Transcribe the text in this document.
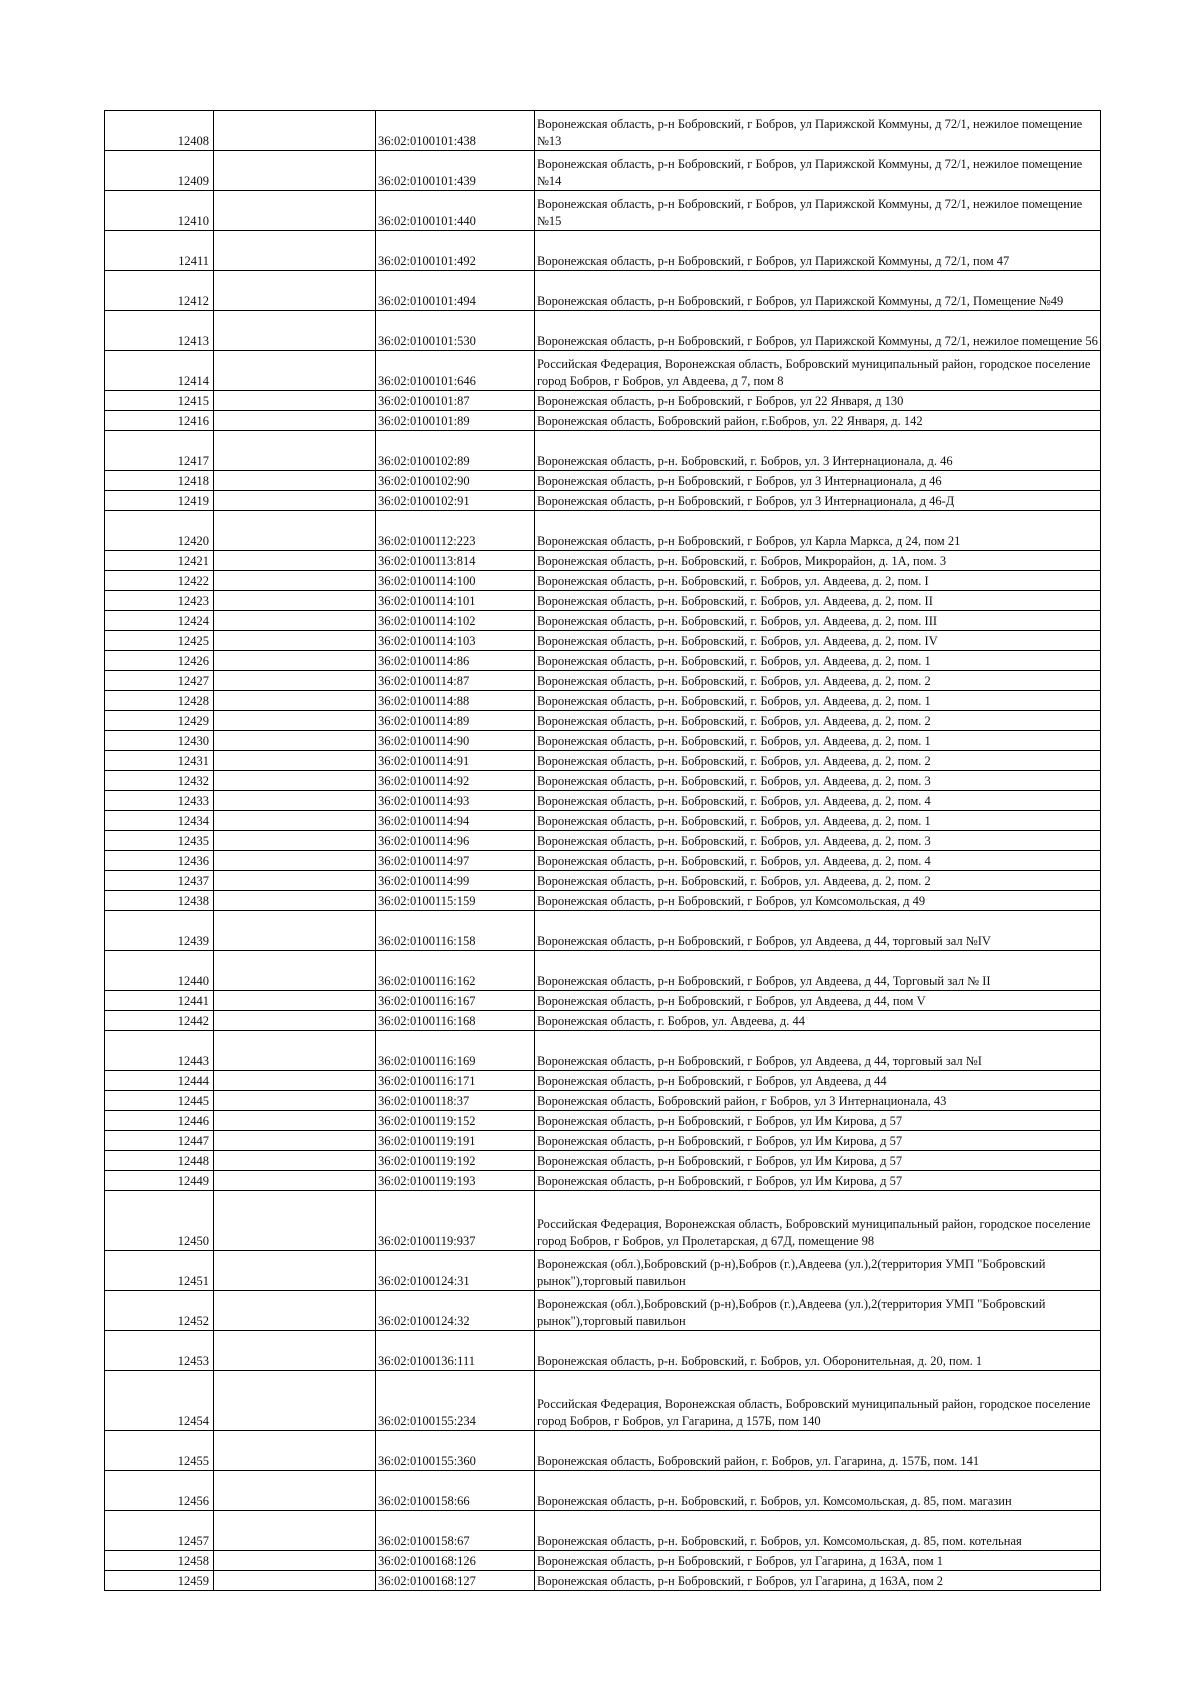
12408		36:02:0100101:438	Воронежская область, р-н Бобровский, г Бобров, ул Парижской Коммуны, д 72/1, нежилое помещение №13
12409		36:02:0100101:439	Воронежская область, р-н Бобровский, г Бобров, ул Парижской Коммуны, д 72/1, нежилое помещение №14
12410		36:02:0100101:440	Воронежская область, р-н Бобровский, г Бобров, ул Парижской Коммуны, д 72/1, нежилое помещение №15
12411		36:02:0100101:492	Воронежская область, р-н Бобровский, г Бобров, ул Парижской Коммуны, д 72/1, пом 47
12412		36:02:0100101:494	Воронежская область, р-н Бобровский, г Бобров, ул Парижской Коммуны, д 72/1, Помещение №49
12413		36:02:0100101:530	Воронежская область, р-н Бобровский, г Бобров, ул Парижской Коммуны, д 72/1, нежилое помещение 56
12414		36:02:0100101:646	Российская Федерация, Воронежская область, Бобровский муниципальный район, городское поселение город Бобров, г Бобров, ул Авдеева, д 7, пом 8
12415		36:02:0100101:87	Воронежская область, р-н Бобровский, г Бобров, ул 22 Января, д 130
12416		36:02:0100101:89	Воронежская область, Бобровский район, г.Бобров, ул. 22 Января, д. 142
12417		36:02:0100102:89	Воронежская область, р-н. Бобровский, г. Бобров, ул. 3 Интернационала, д. 46
12418		36:02:0100102:90	Воронежская область, р-н Бобровский, г Бобров, ул 3 Интернационала, д 46
12419		36:02:0100102:91	Воронежская область, р-н Бобровский, г Бобров, ул 3 Интернационала, д 46-Д
12420		36:02:0100112:223	Воронежская область, р-н Бобровский, г Бобров, ул Карла Маркса, д 24, пом 21
12421		36:02:0100113:814	Воронежская область, р-н. Бобровский, г. Бобров, Микрорайон, д. 1А, пом. 3
12422		36:02:0100114:100	Воронежская область, р-н. Бобровский, г. Бобров, ул. Авдеева, д. 2, пом. I
12423		36:02:0100114:101	Воронежская область, р-н. Бобровский, г. Бобров, ул. Авдеева, д. 2, пом. II
12424		36:02:0100114:102	Воронежская область, р-н. Бобровский, г. Бобров, ул. Авдеева, д. 2, пом. III
12425		36:02:0100114:103	Воронежская область, р-н. Бобровский, г. Бобров, ул. Авдеева, д. 2, пом. IV
12426		36:02:0100114:86	Воронежская область, р-н. Бобровский, г. Бобров, ул. Авдеева, д. 2, пом. 1
12427		36:02:0100114:87	Воронежская область, р-н. Бобровский, г. Бобров, ул. Авдеева, д. 2, пом. 2
12428		36:02:0100114:88	Воронежская область, р-н. Бобровский, г. Бобров, ул. Авдеева, д. 2, пом. 1
12429		36:02:0100114:89	Воронежская область, р-н. Бобровский, г. Бобров, ул. Авдеева, д. 2, пом. 2
12430		36:02:0100114:90	Воронежская область, р-н. Бобровский, г. Бобров, ул. Авдеева, д. 2, пом. 1
12431		36:02:0100114:91	Воронежская область, р-н. Бобровский, г. Бобров, ул. Авдеева, д. 2, пом. 2
12432		36:02:0100114:92	Воронежская область, р-н. Бобровский, г. Бобров, ул. Авдеева, д. 2, пом. 3
12433		36:02:0100114:93	Воронежская область, р-н. Бобровский, г. Бобров, ул. Авдеева, д. 2, пом. 4
12434		36:02:0100114:94	Воронежская область, р-н. Бобровский, г. Бобров, ул. Авдеева, д. 2, пом. 1
12435		36:02:0100114:96	Воронежская область, р-н. Бобровский, г. Бобров, ул. Авдеева, д. 2, пом. 3
12436		36:02:0100114:97	Воронежская область, р-н. Бобровский, г. Бобров, ул. Авдеева, д. 2, пом. 4
12437		36:02:0100114:99	Воронежская область, р-н. Бобровский, г. Бобров, ул. Авдеева, д. 2, пом. 2
12438		36:02:0100115:159	Воронежская область, р-н Бобровский, г Бобров, ул Комсомольская, д 49
12439		36:02:0100116:158	Воронежская область, р-н Бобровский, г Бобров, ул Авдеева, д 44, торговый зал №IV
12440		36:02:0100116:162	Воронежская область, р-н Бобровский, г Бобров, ул Авдеева, д 44, Торговый зал № II
12441		36:02:0100116:167	Воронежская область, р-н Бобровский, г Бобров, ул Авдеева, д 44, пом V
12442		36:02:0100116:168	Воронежская область, г. Бобров, ул. Авдеева, д. 44
12443		36:02:0100116:169	Воронежская область, р-н Бобровский, г Бобров, ул Авдеева, д 44, торговый зал №I
12444		36:02:0100116:171	Воронежская область, р-н Бобровский, г Бобров, ул Авдеева, д 44
12445		36:02:0100118:37	Воронежская область, Бобровский район, г Бобров, ул 3 Интернационала, 43
12446		36:02:0100119:152	Воронежская область, р-н Бобровский, г Бобров, ул Им Кирова, д 57
12447		36:02:0100119:191	Воронежская область, р-н Бобровский, г Бобров, ул Им Кирова, д 57
12448		36:02:0100119:192	Воронежская область, р-н Бобровский, г Бобров, ул Им Кирова, д 57
12449		36:02:0100119:193	Воронежская область, р-н Бобровский, г Бобров, ул Им Кирова, д 57
12450		36:02:0100119:937	Российская Федерация, Воронежская область, Бобровский муниципальный район, городское поселение город Бобров, г Бобров, ул Пролетарская, д 67Д, помещение 98
12451		36:02:0100124:31	Воронежская (обл.),Бобровский (р-н),Бобров (г.),Авдеева (ул.),2(территория УМП "Бобровский рынок"),торговый павильон
12452		36:02:0100124:32	Воронежская (обл.),Бобровский (р-н),Бобров (г.),Авдеева (ул.),2(территория УМП "Бобровский рынок"),торговый павильон
12453		36:02:0100136:111	Воронежская область, р-н. Бобровский, г. Бобров, ул. Оборонительная, д. 20, пом. 1
12454		36:02:0100155:234	Российская Федерация, Воронежская область, Бобровский муниципальный район, городское поселение город Бобров, г Бобров, ул Гагарина, д 157Б, пом 140
12455		36:02:0100155:360	Воронежская область, Бобровский район, г. Бобров, ул. Гагарина, д. 157Б, пом. 141
12456		36:02:0100158:66	Воронежская область, р-н. Бобровский, г. Бобров, ул. Комсомольская, д. 85, пом. магазин
12457		36:02:0100158:67	Воронежская область, р-н. Бобровский, г. Бобров, ул. Комсомольская, д. 85, пом. котельная
12458		36:02:0100168:126	Воронежская область, р-н Бобровский, г Бобров, ул Гагарина, д 163А, пом 1
12459		36:02:0100168:127	Воронежская область, р-н Бобровский, г Бобров, ул Гагарина, д 163А, пом 2
